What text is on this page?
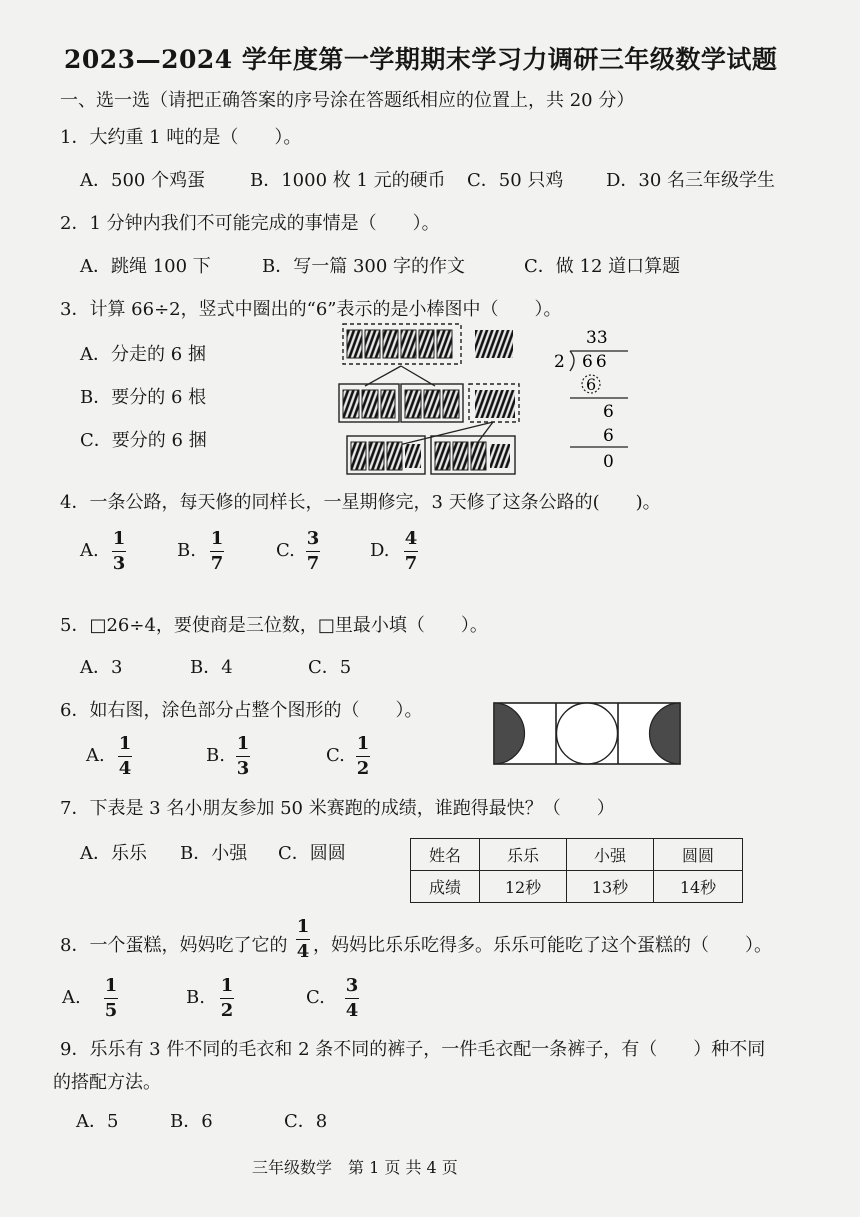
2023—2024 学年度第一学期期末学习力调研三年级数学试题
一、选一选（请把正确答案的序号涂在答题纸相应的位置上，共 20 分）
1．大约重 1 吨的是（　　）。
A．500 个鸡蛋 B．1000 枚 1 元的硬币 C．50 只鸡 D．30 名三年级学生
2．1 分钟内我们不可能完成的事情是（　　）。
A．跳绳 100 下	B．写一篇 300 字的作文	C．做 12 道口算题
3．计算 66÷2，竖式中圈出的“6”表示的是小棒图中（　　）。
A．分走的 6 捆
B．要分的 6 根
C．要分的 6 捆
33
2 66
6
6
6
0
4．一条公路，每天修的同样长，一星期修完，3 天修了这条公路的(　　)。
A.
1
3
B.
1
7
C.
3
7
D.
4
7
5．□26÷4，要使商是三位数，□里最小填（　　）。
A．3	B．4	C．5
6．如右图，涂色部分占整个图形的（　　）。
A.
1
4
B.
1
3
C.
1
2
7．下表是 3 名小朋友参加 50 米赛跑的成绩，谁跑得最快？（　　）
A．乐乐 B．小强 C．圆圆	姓名	乐乐	小强	圆圆
成绩	12秒	13秒	14秒
8．一个蛋糕，妈妈吃了它的
1
4 ，妈妈比乐乐吃得多。乐乐可能吃了这个蛋糕的（　　）。
A.
1
5
B.
1
2
C.
3
4
9．乐乐有 3 件不同的毛衣和 2 条不同的裤子，一件毛衣配一条裤子，有（　　）种不同
的搭配方法。
A．5	B．6	C．8
三年级数学　第 1 页 共 4 页
